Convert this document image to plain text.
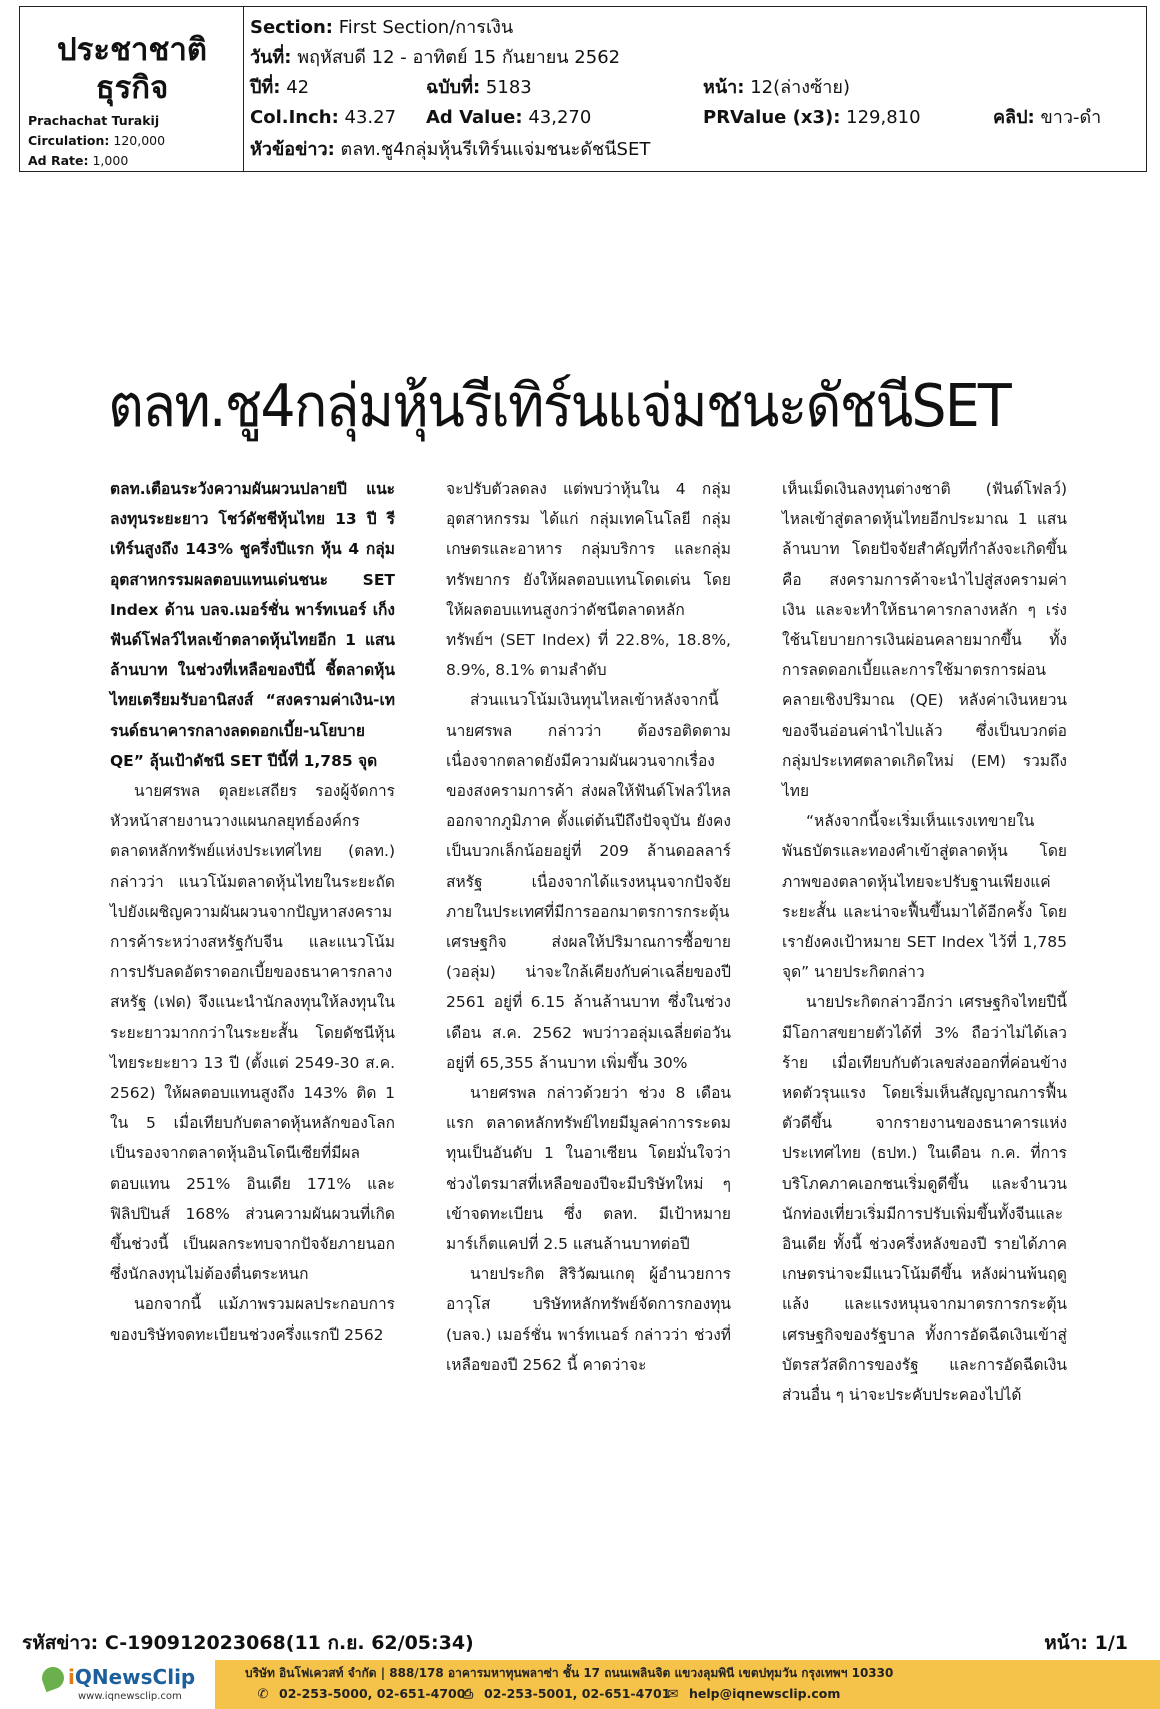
ประชาชาติ
ธุรกิจ
Prachachat Turakij
Circulation: 120,000
Ad Rate: 1,000
Section: First Section/การเงิน
วันที่: พฤหัสบดี 12 - อาทิตย์ 15 กันยายน 2562
ปีที่: 42	ฉบับที่: 5183	หน้า: 12(ล่างซ้าย)
Col.Inch: 43.27 Ad Value: 43,270	PRValue (x3): 129,810	คลิป: ขาว-ดำ
หัวข้อข่าว: ตลท.ชู4กลุ่มหุ้นรีเทิร์นแจ่มชนะดัชนีSET
ตลท.ชู4กลุ่มหุ้นรีเทิร์นแจ่มชนะดัชนีSET

ตลท.เตือนระวังความผันผวนปลายปี แนะลงทุนระยะยาว โชว์ดัชชีหุ้นไทย 13 ปี รีเทิร์นสูงถึง 143% ชูครึ่งปีแรก หุ้น 4 กลุ่มอุตสาหกรรมผลตอบแทนเด่นชนะ SET Index ด้าน บลจ.เมอร์ชั่น พาร์ทเนอร์ เก็งฟันด์โฟลว์ไหลเข้าตลาดหุ้นไทยอีก 1 แสนล้านบาท ในช่วงที่เหลือของปีนี้ ชี้ตลาดหุ้นไทยเตรียมรับอานิสงส์ “สงครามค่าเงิน-เทรนด์ธนาคารกลางลดดอกเบี้ย-นโยบาย QE” ลุ้นเป้าดัชนี SET ปีนี้ที่ 1,785 จุด

นายศรพล ตุลยะเสถียร รองผู้จัดการหัวหน้าสายงานวางแผนกลยุทธ์องค์กร ตลาดหลักทรัพย์แห่งประเทศไทย (ตลท.) กล่าวว่า แนวโน้มตลาดหุ้นไทยในระยะถัดไปยังเผชิญความผันผวนจากปัญหาสงครามการค้าระหว่างสหรัฐกับจีน และแนวโน้มการปรับลดอัตราดอกเบี้ยของธนาคารกลางสหรัฐ (เฟด) จึงแนะนำนักลงทุนให้ลงทุนในระยะยาวมากกว่าในระยะสั้น โดยดัชนีหุ้นไทยระยะยาว 13 ปี (ตั้งแต่ 2549-30 ส.ค. 2562) ให้ผลตอบแทนสูงถึง 143% ติด 1 ใน 5 เมื่อเทียบกับตลาดหุ้นหลักของโลก เป็นรองจากตลาดหุ้นอินโดนีเซียที่มีผลตอบแทน 251% อินเดีย 171% และฟิลิปปินส์ 168% ส่วนความผันผวนที่เกิดขึ้นช่วงนี้ เป็นผลกระทบจากปัจจัยภายนอก ซึ่งนักลงทุนไม่ต้องตื่นตระหนก

นอกจากนี้ แม้ภาพรวมผลประกอบการของบริษัทจดทะเบียนช่วงครึ่งแรกปี 2562

จะปรับตัวลดลง แต่พบว่าหุ้นใน 4 กลุ่มอุตสาหกรรม ได้แก่ กลุ่มเทคโนโลยี กลุ่มเกษตรและอาหาร กลุ่มบริการ และกลุ่มทรัพยากร ยังให้ผลตอบแทนโดดเด่น โดยให้ผลตอบแทนสูงกว่าดัชนีตลาดหลักทรัพย์ฯ (SET Index) ที่ 22.8%, 18.8%, 8.9%, 8.1% ตามลำดับ

ส่วนแนวโน้มเงินทุนไหลเข้าหลังจากนี้ นายศรพล กล่าวว่า ต้องรอติดตาม เนื่องจากตลาดยังมีความผันผวนจากเรื่องของสงครามการค้า ส่งผลให้ฟันด์โฟลว์ไหลออกจากภูมิภาค ตั้งแต่ต้นปีถึงปัจจุบัน ยังคงเป็นบวกเล็กน้อยอยู่ที่ 209 ล้านดอลลาร์สหรัฐ เนื่องจากได้แรงหนุนจากปัจจัยภายในประเทศที่มีการออกมาตรการกระตุ้นเศรษฐกิจ ส่งผลให้ปริมาณการซื้อขาย (วอลุ่ม) น่าจะใกล้เคียงกับค่าเฉลี่ยของปี 2561 อยู่ที่ 6.15 ล้านล้านบาท ซึ่งในช่วงเดือน ส.ค. 2562 พบว่าวอลุ่มเฉลี่ยต่อวันอยู่ที่ 65,355 ล้านบาท เพิ่มขึ้น 30%

นายศรพล กล่าวด้วยว่า ช่วง 8 เดือนแรก ตลาดหลักทรัพย์ไทยมีมูลค่าการระดมทุนเป็นอันดับ 1 ในอาเซียน โดยมั่นใจว่าช่วงไตรมาสที่เหลือของปีจะมีบริษัทใหม่ ๆ เข้าจดทะเบียน ซึ่ง ตลท. มีเป้าหมายมาร์เก็ตแคปที่ 2.5 แสนล้านบาทต่อปี

นายประกิต สิริวัฒนเกตุ ผู้อำนวยการอาวุโส บริษัทหลักทรัพย์จัดการกองทุน (บลจ.) เมอร์ชั่น พาร์ทเนอร์ กล่าวว่า ช่วงที่เหลือของปี 2562 นี้ คาดว่าจะ

เห็นเม็ดเงินลงทุนต่างชาติ (ฟันด์โฟลว์) ไหลเข้าสู่ตลาดหุ้นไทยอีกประมาณ 1 แสนล้านบาท โดยปัจจัยสำคัญที่กำลังจะเกิดขึ้น คือ สงครามการค้าจะนำไปสู่สงครามค่าเงิน และจะทำให้ธนาคารกลางหลัก ๆ เร่งใช้นโยบายการเงินผ่อนคลายมากขึ้น ทั้งการลดดอกเบี้ยและการใช้มาตรการผ่อนคลายเชิงปริมาณ (QE) หลังค่าเงินหยวนของจีนอ่อนค่านำไปแล้ว ซึ่งเป็นบวกต่อกลุ่มประเทศตลาดเกิดใหม่ (EM) รวมถึงไทย

“หลังจากนี้จะเริ่มเห็นแรงเทขายในพันธบัตรและทองคำเข้าสู่ตลาดหุ้น โดยภาพของตลาดหุ้นไทยจะปรับฐานเพียงแค่ระยะสั้น และน่าจะฟื้นขึ้นมาได้อีกครั้ง โดยเรายังคงเป้าหมาย SET Index ไว้ที่ 1,785 จุด” นายประกิตกล่าว

นายประกิตกล่าวอีกว่า เศรษฐกิจไทยปีนี้มีโอกาสขยายตัวได้ที่ 3% ถือว่าไม่ได้เลวร้าย เมื่อเทียบกับตัวเลขส่งออกที่ค่อนข้างหดตัวรุนแรง โดยเริ่มเห็นสัญญาณการฟื้นตัวดีขึ้น จากรายงานของธนาคารแห่งประเทศไทย (ธปท.) ในเดือน ก.ค. ที่การบริโภคภาคเอกชนเริ่มดูดีขึ้น และจำนวนนักท่องเที่ยวเริ่มมีการปรับเพิ่มขึ้นทั้งจีนและอินเดีย ทั้งนี้ ช่วงครึ่งหลังของปี รายได้ภาคเกษตรน่าจะมีแนวโน้มดีขึ้น หลังผ่านพ้นฤดูแล้ง และแรงหนุนจากมาตรการกระตุ้นเศรษฐกิจของรัฐบาล ทั้งการอัดฉีดเงินเข้าสู่บัตรสวัสดิการของรัฐ และการอัดฉีดเงินส่วนอื่น ๆ น่าจะประคับประคองไปได้

รหัสข่าว: C-190912023068(11 ก.ย. 62/05:34)	หน้า: 1/1
iQNewsClip
www.iqnewsclip.com
บริษัท อินโฟเควสท์ จำกัด | 888/178 อาคารมหาทุนพลาซ่า ชั้น 17 ถนนเพลินจิต แขวงลุมพินี เขตปทุมวัน กรุงเทพฯ 10330
✆ 02-253-5000, 02-651-4700
⎙ 02-253-5001, 02-651-4701
✉ help@iqnewsclip.com
